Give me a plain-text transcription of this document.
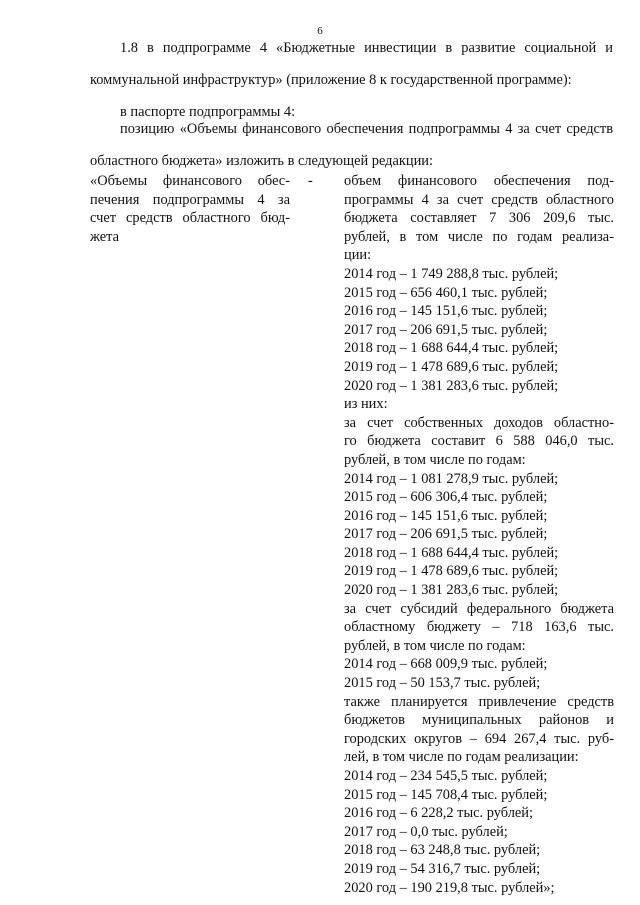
6

1.8 в подпрограмме 4 «Бюджетные инвестиции в развитие социальной и коммунальной инфраструктур» (приложение 8 к государственной программе):

в паспорте подпрограммы 4:

позицию «Объемы финансового обеспечения подпрограммы 4 за счет средств областного бюджета» изложить в следующей редакции:

«Объемы финансового обес-
печения подпрограммы 4 за
счет средств областного бюд-
жета
-	объем финансового обеспечения под-
программы 4 за счет средств областного
бюджета составляет 7 306 209,6 тыс.
рублей, в том числе по годам реализа-
ции:
2014 год – 1 749 288,8 тыс. рублей;
2015 год – 656 460,1 тыс. рублей;
2016 год – 145 151,6 тыс. рублей;
2017 год – 206 691,5 тыс. рублей;
2018 год – 1 688 644,4 тыс. рублей;
2019 год – 1 478 689,6 тыс. рублей;
2020 год – 1 381 283,6 тыс. рублей;
из них:
за счет собственных доходов областно-
го бюджета составит 6 588 046,0 тыс.
рублей, в том числе по годам:
2014 год – 1 081 278,9 тыс. рублей;
2015 год – 606 306,4 тыс. рублей;
2016 год – 145 151,6 тыс. рублей;
2017 год – 206 691,5 тыс. рублей;
2018 год – 1 688 644,4 тыс. рублей;
2019 год – 1 478 689,6 тыс. рублей;
2020 год – 1 381 283,6 тыс. рублей;
за счет субсидий федерального бюджета
областному бюджету – 718 163,6 тыс.
рублей, в том числе по годам:
2014 год – 668 009,9 тыс. рублей;
2015 год – 50 153,7 тыс. рублей;
также планируется привлечение средств
бюджетов муниципальных районов и
городских округов – 694 267,4 тыс. руб-
лей, в том числе по годам реализации:
2014 год – 234 545,5 тыс. рублей;
2015 год – 145 708,4 тыс. рублей;
2016 год – 6 228,2 тыс. рублей;
2017 год – 0,0 тыс. рублей;
2018 год – 63 248,8 тыс. рублей;
2019 год – 54 316,7 тыс. рублей;
2020 год – 190 219,8 тыс. рублей»;
